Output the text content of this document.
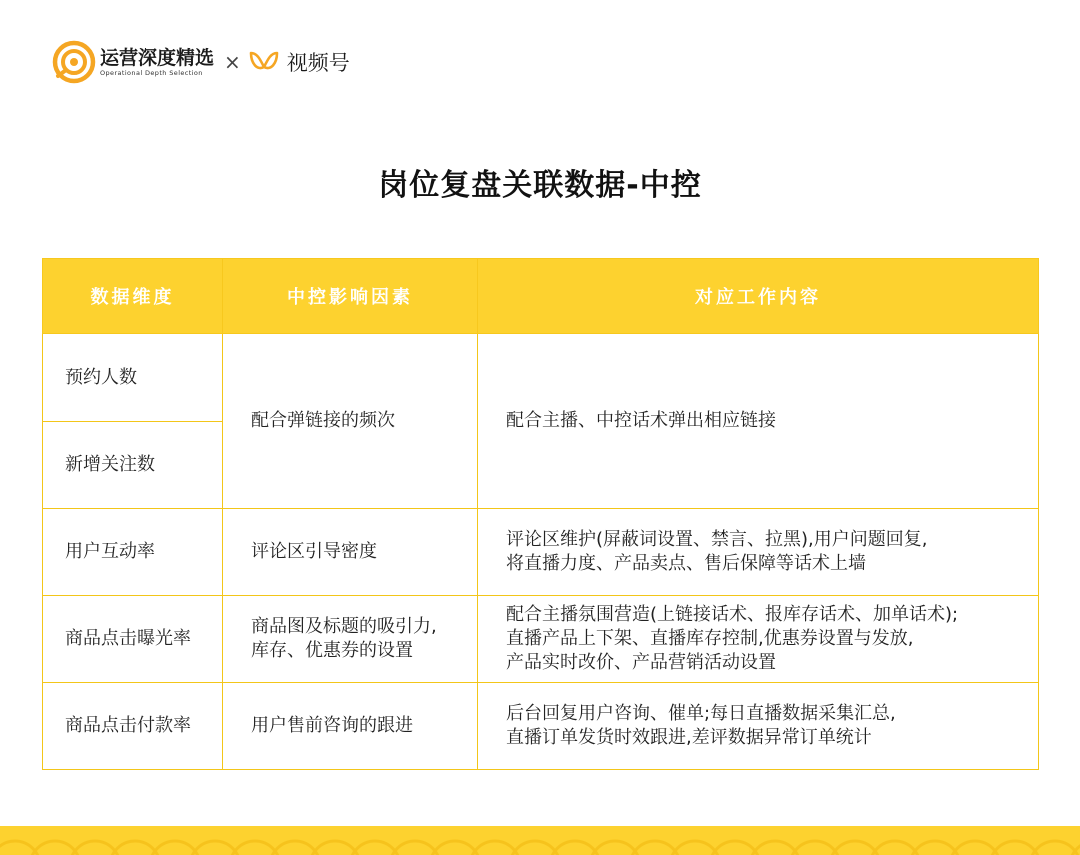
运营深度精选
Operational Depth Selection	× 视频号
岗位复盘关联数据-中控
数据维度	中控影响因素	对应工作内容
预约人数	配合弹链接的频次	配合主播、中控话术弹出相应链接
新增关注数		
用户互动率	评论区引导密度	评论区维护(屏蔽词设置、禁言、拉黑),用户问题回复,
将直播力度、产品卖点、售后保障等话术上墙

商品点击曝光率	商品图及标题的吸引力,
库存、优惠券的设置	配合主播氛围营造(上链接话术、报库存话术、加单话术);
直播产品上下架、直播库存控制,优惠券设置与发放,
产品实时改价、产品营销活动设置

商品点击付款率	用户售前咨询的跟进	后台回复用户咨询、催单;每日直播数据采集汇总,
直播订单发货时效跟进,差评数据异常订单统计
